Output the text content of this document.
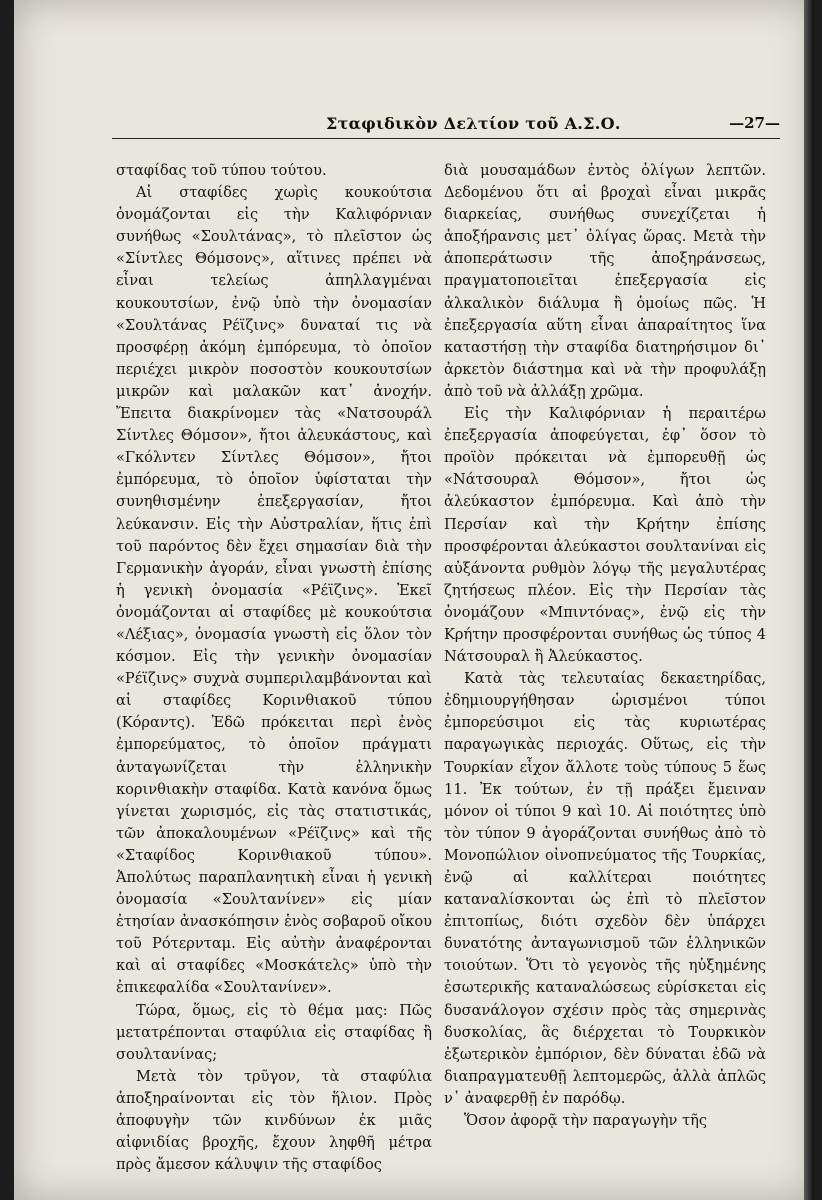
Σταφιδικὸν Δελτίον τοῦ Α.Σ.Ο.	—27—

σταφίδας τοῦ τύπου τούτου.

Αἱ σταφίδες χωρὶς κουκούτσια ὀνομάζονται εἰς τὴν Καλιφόρνιαν συνήθως «Σουλτάνας», τὸ πλεῖστον ὡς «Σίντλες Θόμσονς», αἵτινες πρέπει νὰ εἶναι τελείως ἀπηλλαγμέναι κουκουτσίων, ἐνῷ ὑπὸ τὴν ὀνομασίαν «Σουλτάνας Ρέϊζινς» δυναταί τις νὰ προσφέρῃ ἀκόμη ἐμπόρευμα, τὸ ὁποῖον περιέχει μικρὸν ποσοστὸν κουκουτσίων μικρῶν καὶ μαλακῶν κατ᾽ ἀνοχήν. Ἔπειτα διακρίνομεν τὰς «Νατσουράλ Σίντλες Θόμσον», ἤτοι ἀλευκάστους, καὶ «Γκόλντεν Σίντλες Θόμσον», ἤτοι ἐμπόρευμα, τὸ ὁποῖον ὑφίσταται τὴν συνηθισμένην ἐπεξεργασίαν, ἤτοι λεύκανσιν. Εἰς τὴν Αὐστραλίαν, ἥτις ἐπὶ τοῦ παρόντος δὲν ἔχει σημασίαν διὰ τὴν Γερμανικὴν ἀγοράν, εἶναι γνωστὴ ἐπίσης ἡ γενικὴ ὀνομασία «Ρέϊζινς». Ἐκεῖ ὀνομάζονται αἱ σταφίδες μὲ κουκούτσια «Λέξιας», ὀνομασία γνωστὴ εἰς ὅλον τὸν κόσμον. Εἰς τὴν γενικὴν ὀνομασίαν «Ρέϊζινς» συχνὰ συμπεριλαμβάνονται καὶ αἱ σταφίδες Κορινθιακοῦ τύπου (Κόραντς). Ἐδῶ πρόκειται περὶ ἑνὸς ἐμπορεύματος, τὸ ὁποῖον πράγματι ἀνταγωνίζεται τὴν ἑλληνικὴν κορινθιακὴν σταφίδα. Κατὰ κανόνα ὅμως γίνεται χωρισμός, εἰς τὰς στατιστικάς, τῶν ἀποκαλουμένων «Ρέϊζινς» καὶ τῆς «Σταφίδος Κορινθιακοῦ τύπου». Ἀπολύτως παραπλανητικὴ εἶναι ἡ γενικὴ ὀνομασία «Σουλτανίνεν» εἰς μίαν ἐτησίαν ἀνασκόπησιν ἑνὸς σοβαροῦ οἴκου τοῦ Ρότερνταμ. Εἰς αὐτὴν ἀναφέρονται καὶ αἱ σταφίδες «Μοσκάτελς» ὑπὸ τὴν ἐπικεφαλίδα «Σουλτανίνεν».

Τώρα, ὅμως, εἰς τὸ θέμα μας: Πῶς μετατρέπονται σταφύλια εἰς σταφίδας ἢ σουλτανίνας;

Μετὰ τὸν τρῦγον, τὰ σταφύλια ἀποξηραίνονται εἰς τὸν ἥλιον. Πρὸς ἀποφυγὴν τῶν κινδύνων ἐκ μιᾶς αἰφνιδίας βροχῆς, ἔχουν ληφθῆ μέτρα πρὸς ἄμεσον κάλυψιν τῆς σταφίδος

διὰ μουσαμάδων ἐντὸς ὀλίγων λεπτῶν. Δεδομένου ὅτι αἱ βροχαὶ εἶναι μικρᾶς διαρκείας, συνήθως συνεχίζεται ἡ ἀποξήρανσις μετ᾽ ὀλίγας ὥρας. Μετὰ τὴν ἀποπεράτωσιν τῆς ἀποξηράνσεως, πραγματοποιεῖται ἐπεξεργασία εἰς ἀλκαλικὸν διάλυμα ἢ ὁμοίως πῶς. Ἡ ἐπεξεργασία αὕτη εἶναι ἀπαραίτητος ἵνα καταστήσῃ τὴν σταφίδα διατηρήσιμον δι᾽ ἀρκετὸν διάστημα καὶ νὰ τὴν προφυλάξῃ ἀπὸ τοῦ νὰ ἀλλάξῃ χρῶμα.

Εἰς τὴν Καλιφόρνιαν ἡ περαιτέρω ἐπεξεργασία ἀποφεύγεται, ἐφ᾽ ὅσον τὸ προϊὸν πρόκειται νὰ ἐμπορευθῇ ὡς «Νάτσουραλ Θόμσον», ἤτοι ὡς ἀλεύκαστον ἐμπόρευμα. Καὶ ἀπὸ τὴν Περσίαν καὶ τὴν Κρήτην ἐπίσης προσφέρονται ἀλεύκαστοι σουλτανίναι εἰς αὐξάνοντα ρυθμὸν λόγῳ τῆς μεγαλυτέρας ζητήσεως πλέον. Εἰς τὴν Περσίαν τὰς ὀνομάζουν «Μπιντόνας», ἐνῷ εἰς τὴν Κρήτην προσφέρονται συνήθως ὡς τύπος 4 Νάτσουραλ ἢ Ἀλεύκαστος.

Κατὰ τὰς τελευταίας δεκαετηρίδας, ἐδημιουργήθησαν ὡρισμένοι τύποι ἐμπορεύσιμοι εἰς τὰς κυριωτέρας παραγωγικὰς περιοχάς. Οὕτως, εἰς τὴν Τουρκίαν εἶχον ἄλλοτε τοὺς τύπους 5 ἕως 11. Ἐκ τούτων, ἐν τῇ πράξει ἔμειναν μόνον οἱ τύποι 9 καὶ 10. Αἱ ποιότητες ὑπὸ τὸν τύπον 9 ἀγοράζονται συνήθως ἀπὸ τὸ Μονοπώλιον οἰνοπνεύματος τῆς Τουρκίας, ἐνῷ αἱ καλλίτεραι ποιότητες καταναλίσκονται ὡς ἐπὶ τὸ πλεῖστον ἐπιτοπίως, διότι σχεδὸν δὲν ὑπάρχει δυνατότης ἀνταγωνισμοῦ τῶν ἑλληνικῶν τοιούτων. Ὅτι τὸ γεγονὸς τῆς ηὐξημένης ἐσωτερικῆς καταναλώσεως εὑρίσκεται εἰς δυσανάλογον σχέσιν πρὸς τὰς σημερινὰς δυσκολίας, ἃς διέρχεται τὸ Τουρκικὸν ἐξωτερικὸν ἐμπόριον, δὲν δύναται ἐδῶ νὰ διαπραγματευθῇ λεπτομερῶς, ἀλλὰ ἁπλῶς ν᾽ ἀναφερθῇ ἐν παρόδῳ.

Ὅσον ἀφορᾷ τὴν παραγωγὴν τῆς
